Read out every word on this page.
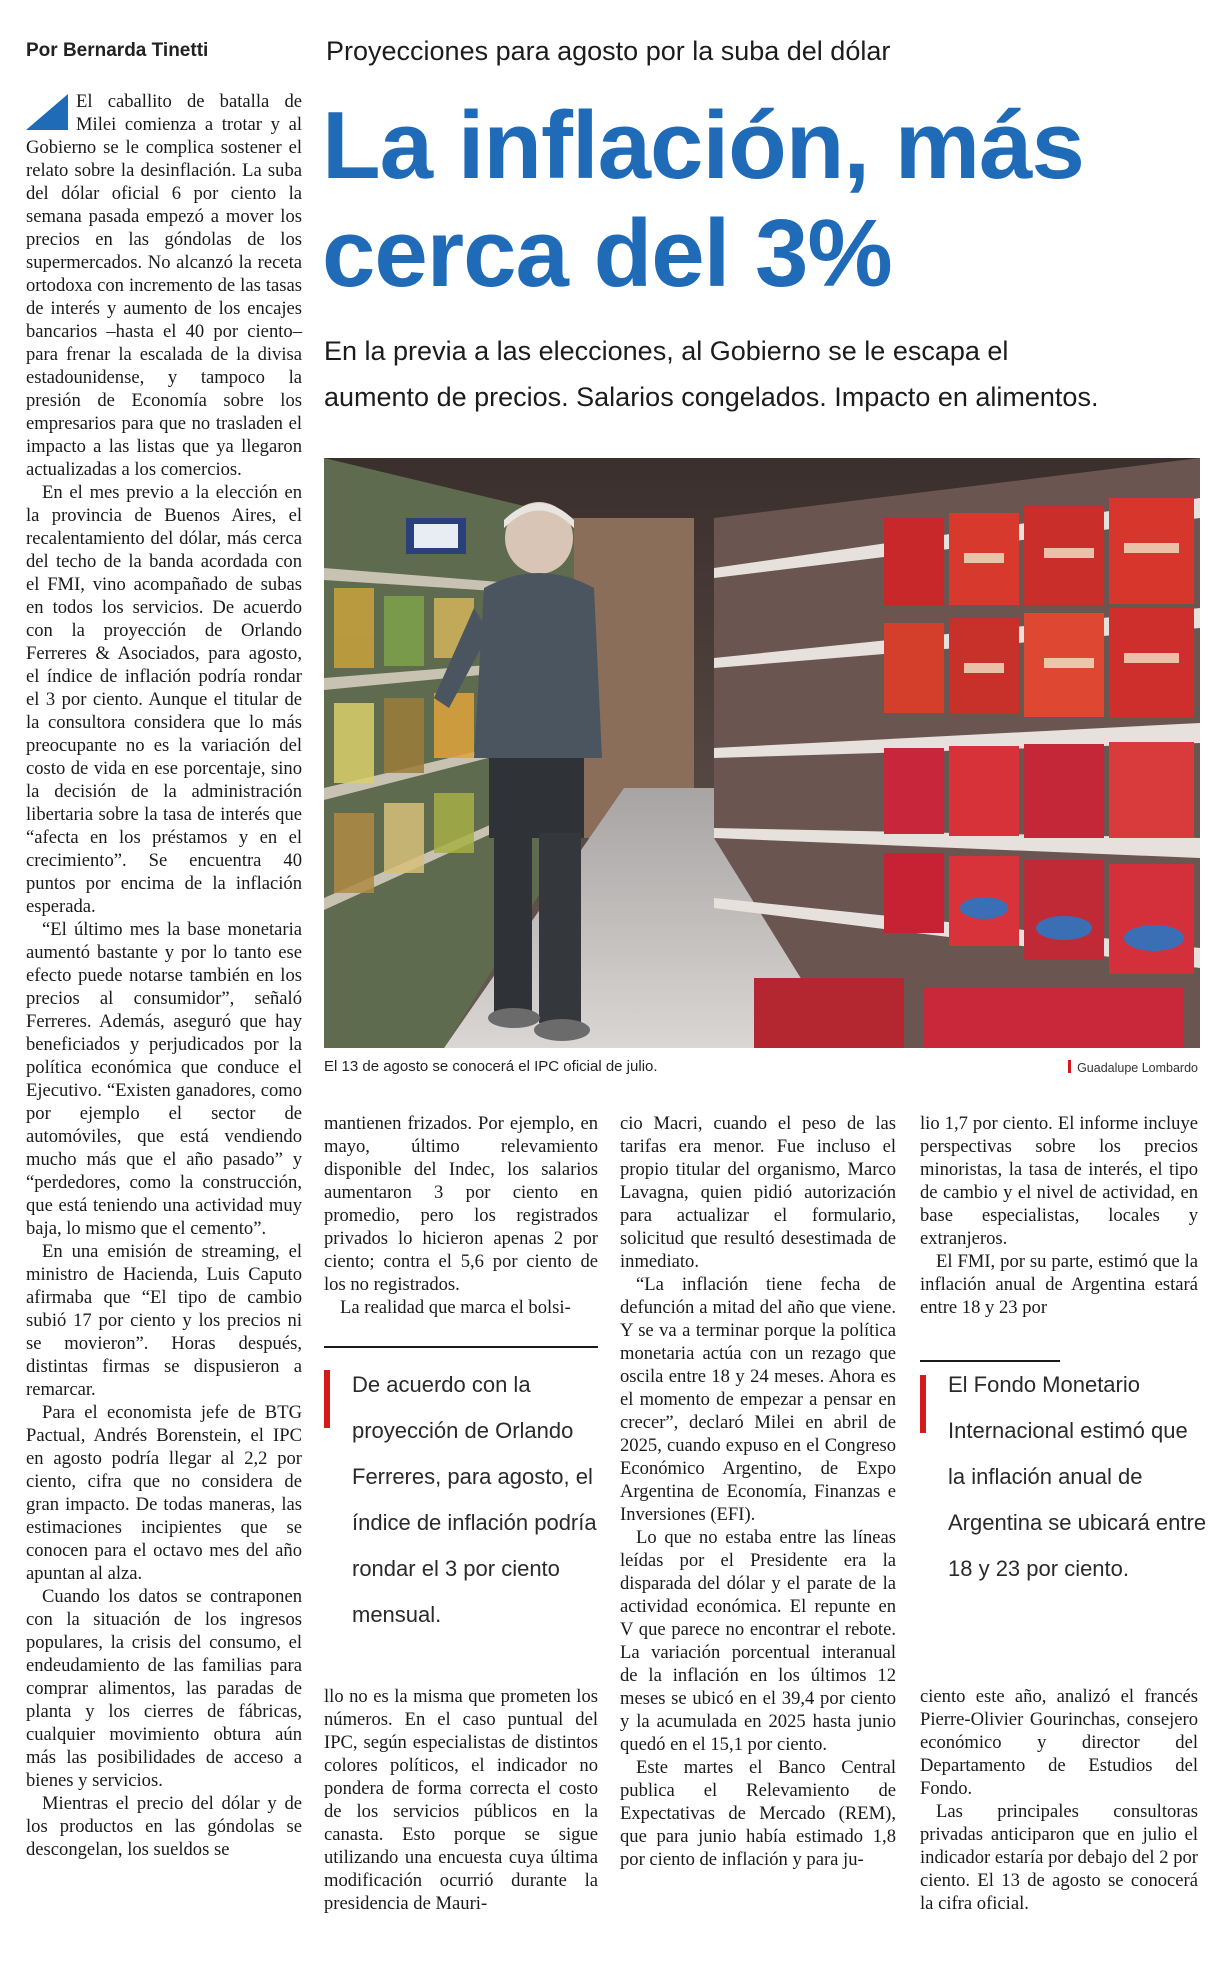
Por Bernarda Tinetti	Proyecciones para agosto por la suba del dólar
La inflación, más
cerca del 3%
En la previa a las elecciones, al Gobierno se le escapa el
aumento de precios. Salarios congelados. Impacto en alimentos.

El caballito de batalla de Milei comienza a trotar y al Gobierno se le complica sostener el relato sobre la desinflación. La suba del dólar oficial 6 por ciento la semana pasada empezó a mover los precios en las góndolas de los supermercados. No alcanzó la receta ortodoxa con incremento de las tasas de interés y aumento de los encajes bancarios –hasta el 40 por ciento– para frenar la escalada de la divisa estadounidense, y tampoco la presión de Economía sobre los empresarios para que no trasladen el impacto a las listas que ya llegaron actualizadas a los comercios.

En el mes previo a la elección en la provincia de Buenos Aires, el recalentamiento del dólar, más cerca del techo de la banda acordada con el FMI, vino acompañado de subas en todos los servicios. De acuerdo con la proyección de Orlando Ferreres & Asociados, para agosto, el índice de inflación podría rondar el 3 por ciento. Aunque el titular de la consultora considera que lo más preocupante no es la variación del costo de vida en ese porcentaje, sino la decisión de la administración libertaria sobre la tasa de interés que “afecta en los préstamos y en el crecimiento”. Se encuentra 40 puntos por encima de la inflación esperada.

“El último mes la base monetaria aumentó bastante y por lo tanto ese efecto puede notarse también en los precios al consumidor”, señaló Ferreres. Además, aseguró que hay beneficiados y perjudicados por la política económica que conduce el Ejecutivo. “Existen ganadores, como por ejemplo el sector de automóviles, que está vendiendo mucho más que el año pasado” y “perdedores, como la construcción, que está teniendo una actividad muy baja, lo mismo que el cemento”.

En una emisión de streaming, el ministro de Hacienda, Luis Caputo afirmaba que “El tipo de cambio subió 17 por ciento y los precios ni se movieron”. Horas después, distintas firmas se dispusieron a remarcar.

Para el economista jefe de BTG Pactual, Andrés Borenstein, el IPC en agosto podría llegar al 2,2 por ciento, cifra que no considera de gran impacto. De todas maneras, las estimaciones incipientes que se conocen para el octavo mes del año apuntan al alza.

Cuando los datos se contraponen con la situación de los ingresos populares, la crisis del consumo, el endeudamiento de las familias para comprar alimentos, las paradas de planta y los cierres de fábricas, cualquier movimiento obtura aún más las posibilidades de acceso a bienes y servicios.

Mientras el precio del dólar y de los productos en las góndolas se descongelan, los sueldos se

El 13 de agosto se conocerá el IPC oficial de julio.	Guadalupe Lombardo

mantienen frizados. Por ejemplo, en mayo, último relevamiento disponible del Indec, los salarios aumentaron 3 por ciento en promedio, pero los registrados privados lo hicieron apenas 2 por ciento; contra el 5,6 por ciento de los no registrados.

La realidad que marca el bolsi-

De acuerdo con la proyección de Orlando Ferreres, para agosto, el índice de inflación podría rondar el 3 por ciento mensual.

llo no es la misma que prometen los números. En el caso puntual del IPC, según especialistas de distintos colores políticos, el indicador no pondera de forma correcta el costo de los servicios públicos en la canasta. Esto porque se sigue utilizando una encuesta cuya última modificación ocurrió durante la presidencia de Mauri-

cio Macri, cuando el peso de las tarifas era menor. Fue incluso el propio titular del organismo, Marco Lavagna, quien pidió autorización para actualizar el formulario, solicitud que resultó desestimada de inmediato.

“La inflación tiene fecha de defunción a mitad del año que viene. Y se va a terminar porque la política monetaria actúa con un rezago que oscila entre 18 y 24 meses. Ahora es el momento de empezar a pensar en crecer”, declaró Milei en abril de 2025, cuando expuso en el Congreso Económico Argentino, de Expo Argentina de Economía, Finanzas e Inversiones (EFI).

Lo que no estaba entre las líneas leídas por el Presidente era la disparada del dólar y el parate de la actividad económica. El repunte en V que parece no encontrar el rebote. La variación porcentual interanual de la inflación en los últimos 12 meses se ubicó en el 39,4 por ciento y la acumulada en 2025 hasta junio quedó en el 15,1 por ciento.

Este martes el Banco Central publica el Relevamiento de Expectativas de Mercado (REM), que para junio había estimado 1,8 por ciento de inflación y para ju-

lio 1,7 por ciento. El informe incluye perspectivas sobre los precios minoristas, la tasa de interés, el tipo de cambio y el nivel de actividad, en base especialistas, locales y extranjeros.

El FMI, por su parte, estimó que la inflación anual de Argentina estará entre 18 y 23 por

El Fondo Monetario Internacional estimó que la inflación anual de Argentina se ubicará entre 18 y 23 por ciento.

ciento este año, analizó el francés Pierre-Olivier Gourinchas, consejero económico y director del Departamento de Estudios del Fondo.

Las principales consultoras privadas anticiparon que en julio el indicador estaría por debajo del 2 por ciento. El 13 de agosto se conocerá la cifra oficial.
